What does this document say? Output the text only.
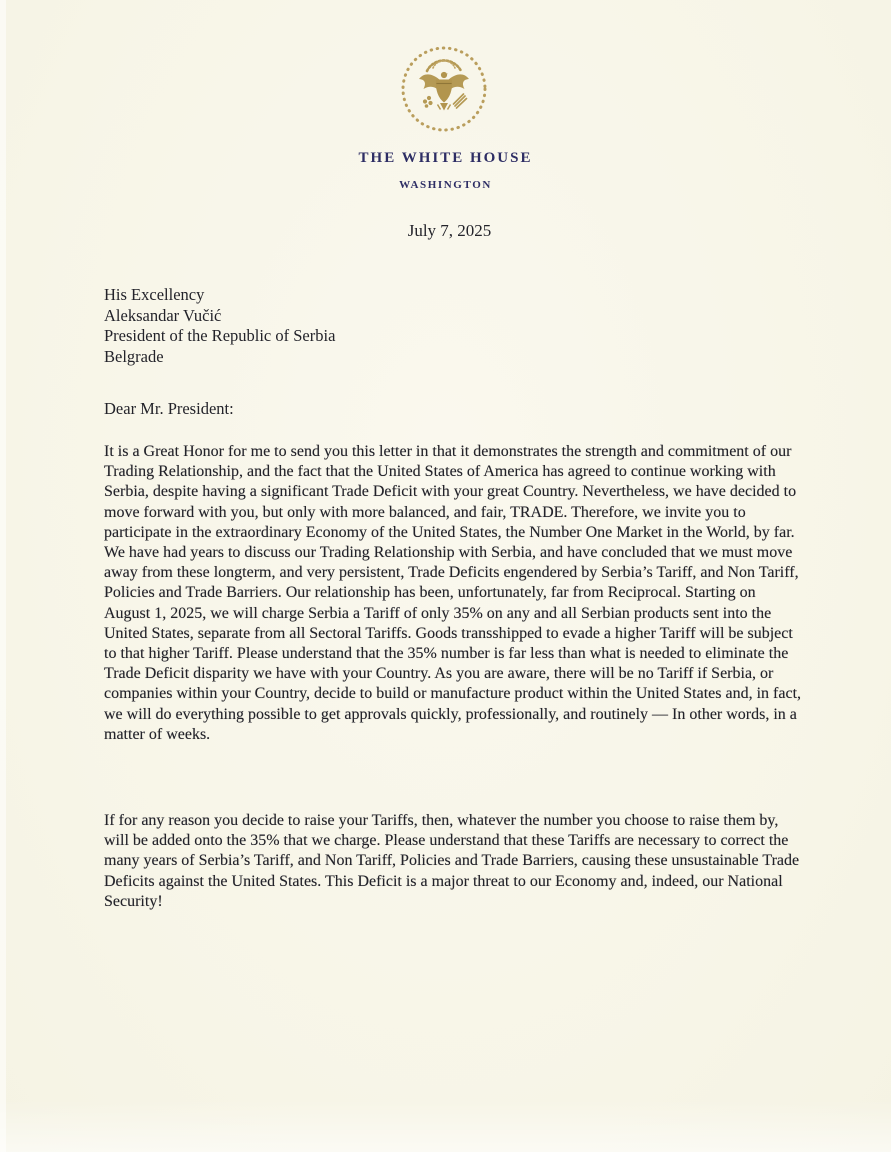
THE WHITE HOUSE
WASHINGTON
July 7, 2025
His Excellency
Aleksandar Vučić
President of the Republic of Serbia
Belgrade
Dear Mr. President:

It is a Great Honor for me to send you this letter in that it demonstrates the strength and commitment of our Trading Relationship, and the fact that the United States of America has agreed to continue working with Serbia, despite having a significant Trade Deficit with your great Country. Nevertheless, we have decided to move forward with you, but only with more balanced, and fair, TRADE. Therefore, we invite you to participate in the extraordinary Economy of the United States, the Number One Market in the World, by far. We have had years to discuss our Trading Relationship with Serbia, and have concluded that we must move away from these longterm, and very persistent, Trade Deficits engendered by Serbia’s Tariff, and Non Tariff, Policies and Trade Barriers. Our relationship has been, unfortunately, far from Reciprocal. Starting on August 1, 2025, we will charge Serbia a Tariff of only 35% on any and all Serbian products sent into the United States, separate from all Sectoral Tariffs. Goods transshipped to evade a higher Tariff will be subject to that higher Tariff. Please understand that the 35% number is far less than what is needed to eliminate the Trade Deficit disparity we have with your Country. As you are aware, there will be no Tariff if Serbia, or companies within your Country, decide to build or manufacture product within the United States and, in fact, we will do everything possible to get approvals quickly, professionally, and routinely — In other words, in a matter of weeks.

If for any reason you decide to raise your Tariffs, then, whatever the number you choose to raise them by, will be added onto the 35% that we charge. Please understand that these Tariffs are necessary to correct the many years of Serbia’s Tariff, and Non Tariff, Policies and Trade Barriers, causing these unsustainable Trade Deficits against the United States. This Deficit is a major threat to our Economy and, indeed, our National Security!
